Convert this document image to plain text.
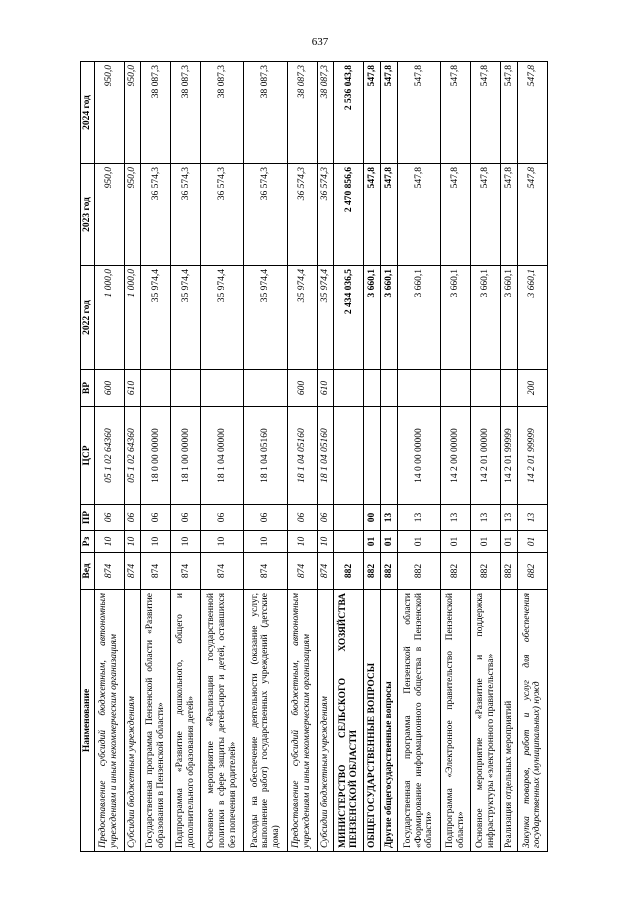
637
Наименование	Вед	Рз	ПР	ЦСР	ВР	2022 год	2023 год	2024 год
Предоставление субсидий бюджетным, автономным учреждениям и иным некоммерческим организациям	874	10	06	05 1 02 64360	600	1 000,0	950,0	950,0
Субсидии бюджетным учреждениям	874	10	06	05 1 02 64360	610	1 000,0	950,0	950,0
Государственная программа Пензенской области «Развитие образования в Пензенской области»	874	10	06	18 0 00 00000		35 974,4	36 574,3	38 087,3
Подпрограмма «Развитие дошкольного, общего и дополнительного образования детей»	874	10	06	18 1 00 00000		35 974,4	36 574,3	38 087,3
Основное мероприятие «Реализация государственной политики в сфере защиты детей-сирот и детей, оставшихся без попечения родителей»	874	10	06	18 1 04 00000		35 974,4	36 574,3	38 087,3
Расходы на обеспечение деятельности (оказание услуг, выполнение работ) государственных учреждений (детские дома)	874	10	06	18 1 04 05160		35 974,4	36 574,3	38 087,3
Предоставление субсидий бюджетным, автономным учреждениям и иным некоммерческим организациям	874	10	06	18 1 04 05160	600	35 974,4	36 574,3	38 087,3
Субсидии бюджетным учреждениям	874	10	06	18 1 04 05160	610	35 974,4	36 574,3	38 087,3
МИНИСТЕРСТВО СЕЛЬСКОГО ХОЗЯЙСТВА ПЕНЗЕНСКОЙ ОБЛАСТИ	882					2 434 036,5	2 470 856,6	2 536 043,8
ОБЩЕГОСУДАРСТВЕННЫЕ ВОПРОСЫ	882	01	00			3 660,1	547,8	547,8
Другие общегосударственные вопросы	882	01	13			3 660,1	547,8	547,8
Государственная программа Пензенской области «Формирование информационного общества в Пензенской области»	882	01	13	14 0 00 00000		3 660,1	547,8	547,8
Подпрограмма «Электронное правительство Пензенской области»	882	01	13	14 2 00 00000		3 660,1	547,8	547,8
Основное мероприятие «Развитие и поддержка инфраструктуры «электронного правительства»	882	01	13	14 2 01 00000		3 660,1	547,8	547,8
Реализация отдельных мероприятий	882	01	13	14 2 01 99999		3 660,1	547,8	547,8
Закупка товаров, работ и услуг для обеспечения государственных (муниципальных) нужд	882	01	13	14 2 01 99999	200	3 660,1	547,8	547,8
